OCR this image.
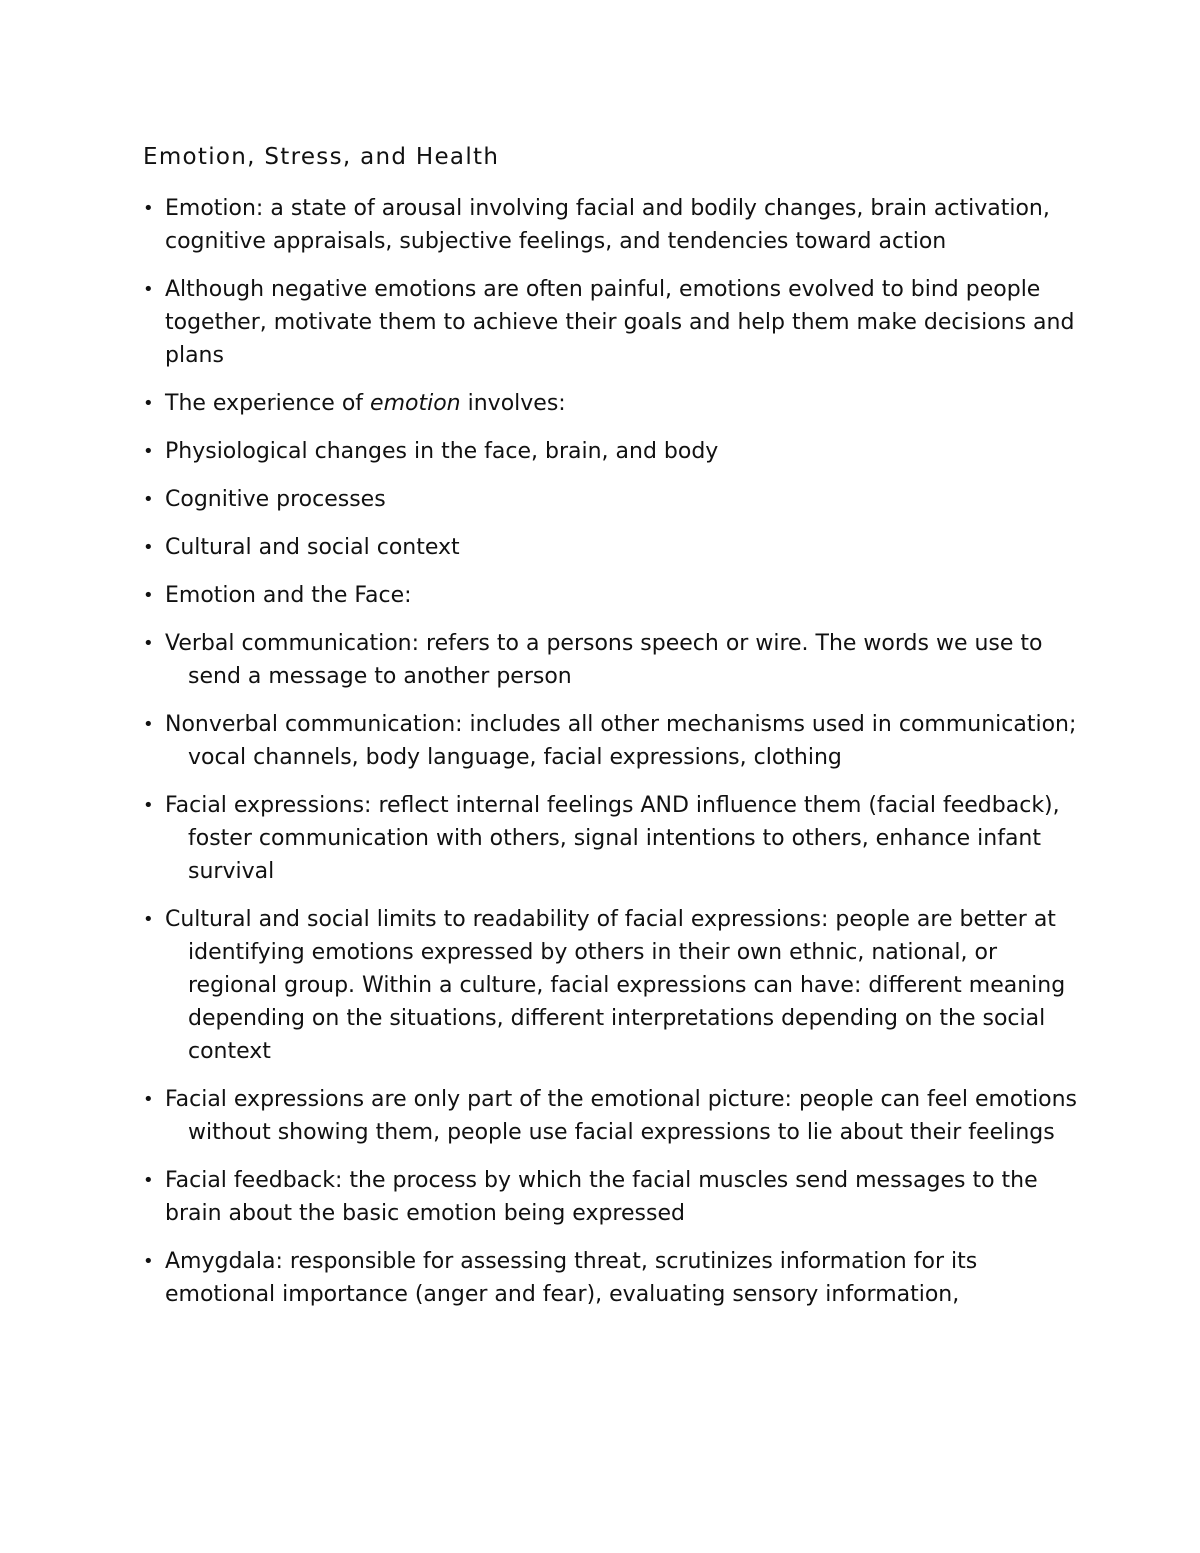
Emotion, Stress, and Health
• Emotion: a state of arousal involving facial and bodily changes, brain activation, cognitive appraisals, subjective feelings, and tendencies toward action
• Although negative emotions are often painful, emotions evolved to bind people together, motivate them to achieve their goals and help them make decisions and plans
• The experience of emotion involves:
• Physiological changes in the face, brain, and body
• Cognitive processes
• Cultural and social context
• Emotion and the Face:
• Verbal communication: refers to a persons speech or wire. The words we use to send a message to another person
• Nonverbal communication: includes all other mechanisms used in communication; vocal channels, body language, facial expressions, clothing
• Facial expressions: reflect internal feelings AND influence them (facial feedback), foster communication with others, signal intentions to others, enhance infant survival
• Cultural and social limits to readability of facial expressions: people are better at identifying emotions expressed by others in their own ethnic, national, or regional group. Within a culture, facial expressions can have: different meaning depending on the situations, different interpretations depending on the social context
• Facial expressions are only part of the emotional picture: people can feel emotions without showing them, people use facial expressions to lie about their feelings
• Facial feedback: the process by which the facial muscles send messages to the brain about the basic emotion being expressed
• Amygdala: responsible for assessing threat, scrutinizes information for its emotional importance (anger and fear), evaluating sensory information,
